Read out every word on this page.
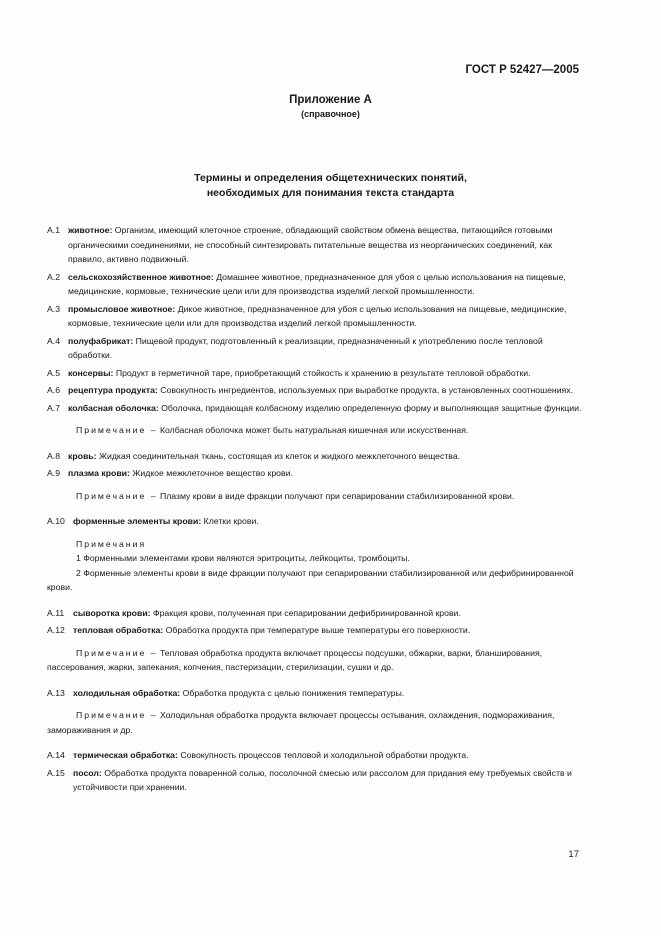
ГОСТ Р 52427—2005
Приложение А
(справочное)
Термины и определения общетехнических понятий,
необходимых для понимания текста стандарта
А.1 животное: Организм, имеющий клеточное строение, обладающий свойством обмена вещества, питающийся готовыми органическими соединениями, не способный синтезировать питательные вещества из неорганических соединений, как правило, активно подвижный.
А.2 сельскохозяйственное животное: Домашнее животное, предназначенное для убоя с целью использования на пищевые, медицинские, кормовые, технические цели или для производства изделий легкой промышленности.
А.3 промысловое животное: Дикое животное, предназначенное для убоя с целью использования на пищевые, медицинские, кормовые, технические цели или для производства изделий легкой промышленности.
А.4 полуфабрикат: Пищевой продукт, подготовленный к реализации, предназначенный к употреблению после тепловой обработки.
А.5 консервы: Продукт в герметичной таре, приобретающий стойкость к хранению в результате тепловой обработки.
А.6 рецептура продукта: Совокупность ингредиентов, используемых при выработке продукта, в установленных соотношениях.
А.7 колбасная оболочка: Оболочка, придающая колбасному изделию определенную форму и выполняющая защитные функции.
Примечание – Колбасная оболочка может быть натуральная кишечная или искусственная.
А.8 кровь: Жидкая соединительная ткань, состоящая из клеток и жидкого межклеточного вещества.
А.9 плазма крови: Жидкое межклеточное вещество крови.
Примечание – Плазму крови в виде фракции получают при сепарировании стабилизированной крови.
А.10 форменные элементы крови: Клетки крови.
Примечания
1 Форменными элементами крови являются эритроциты, лейкоциты, тромбоциты.
2 Форменные элементы крови в виде фракции получают при сепарировании стабилизированной или дефибринированной крови.
А.11 сыворотка крови: Фракция крови, полученная при сепарировании дефибринированной крови.
А.12 тепловая обработка: Обработка продукта при температуре выше температуры его поверхности.
Примечание – Тепловая обработка продукта включает процессы подсушки, обжарки, варки, бланширования, пассерования, жарки, запекания, копчения, пастеризации, стерилизации, сушки и др.
А.13 холодильная обработка: Обработка продукта с целью понижения температуры.
Примечание – Холодильная обработка продукта включает процессы остывания, охлаждения, подмораживания, замораживания и др.
А.14 термическая обработка: Совокупность процессов тепловой и холодильной обработки продукта.
А.15 посол: Обработка продукта поваренной солью, посолочной смесью или рассолом для придания ему требуемых свойств и устойчивости при хранении.
17
